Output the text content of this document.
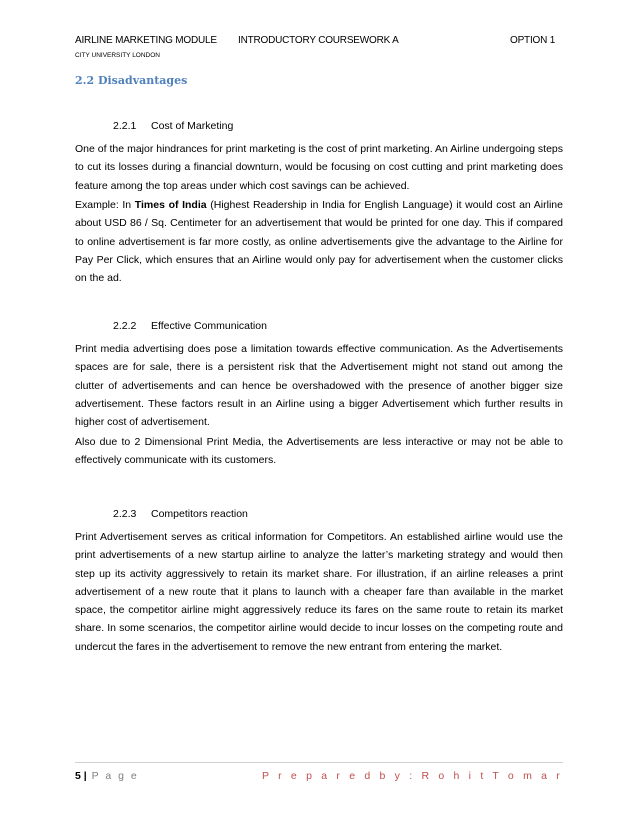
AIRLINE MARKETING MODULE INTRODUCTORY COURSEWORK A	OPTION 1
CITY UNIVERSITY LONDON
2.2 Disadvantages
2.2.1 Cost of Marketing

One of the major hindrances for print marketing is the cost of print marketing. An Airline undergoing steps to cut its losses during a financial downturn, would be focusing on cost cutting and print marketing does feature among the top areas under which cost savings can be achieved.

Example: In Times of India (Highest Readership in India for English Language) it would cost an Airline about USD 86 / Sq. Centimeter for an advertisement that would be printed for one day. This if compared to online advertisement is far more costly, as online advertisements give the advantage to the Airline for Pay Per Click, which ensures that an Airline would only pay for advertisement when the customer clicks on the ad.

2.2.2 Effective Communication

Print media advertising does pose a limitation towards effective communication. As the Advertisements spaces are for sale, there is a persistent risk that the Advertisement might not stand out among the clutter of advertisements and can hence be overshadowed with the presence of another bigger size advertisement. These factors result in an Airline using a bigger Advertisement which further results in higher cost of advertisement.

Also due to 2 Dimensional Print Media, the Advertisements are less interactive or may not be able to effectively communicate with its customers.

2.2.3 Competitors reaction

Print Advertisement serves as critical information for Competitors. An established airline would use the print advertisements of a new startup airline to analyze the latter’s marketing strategy and would then step up its activity aggressively to retain its market share. For illustration, if an airline releases a print advertisement of a new route that it plans to launch with a cheaper fare than available in the market space, the competitor airline might aggressively reduce its fares on the same route to retain its market share. In some scenarios, the competitor airline would decide to incur losses on the competing route and undercut the fares in the advertisement to remove the new entrant from entering the market.

5 | P a g e	P r e p a r e d b y : R o h i t T o m a r
